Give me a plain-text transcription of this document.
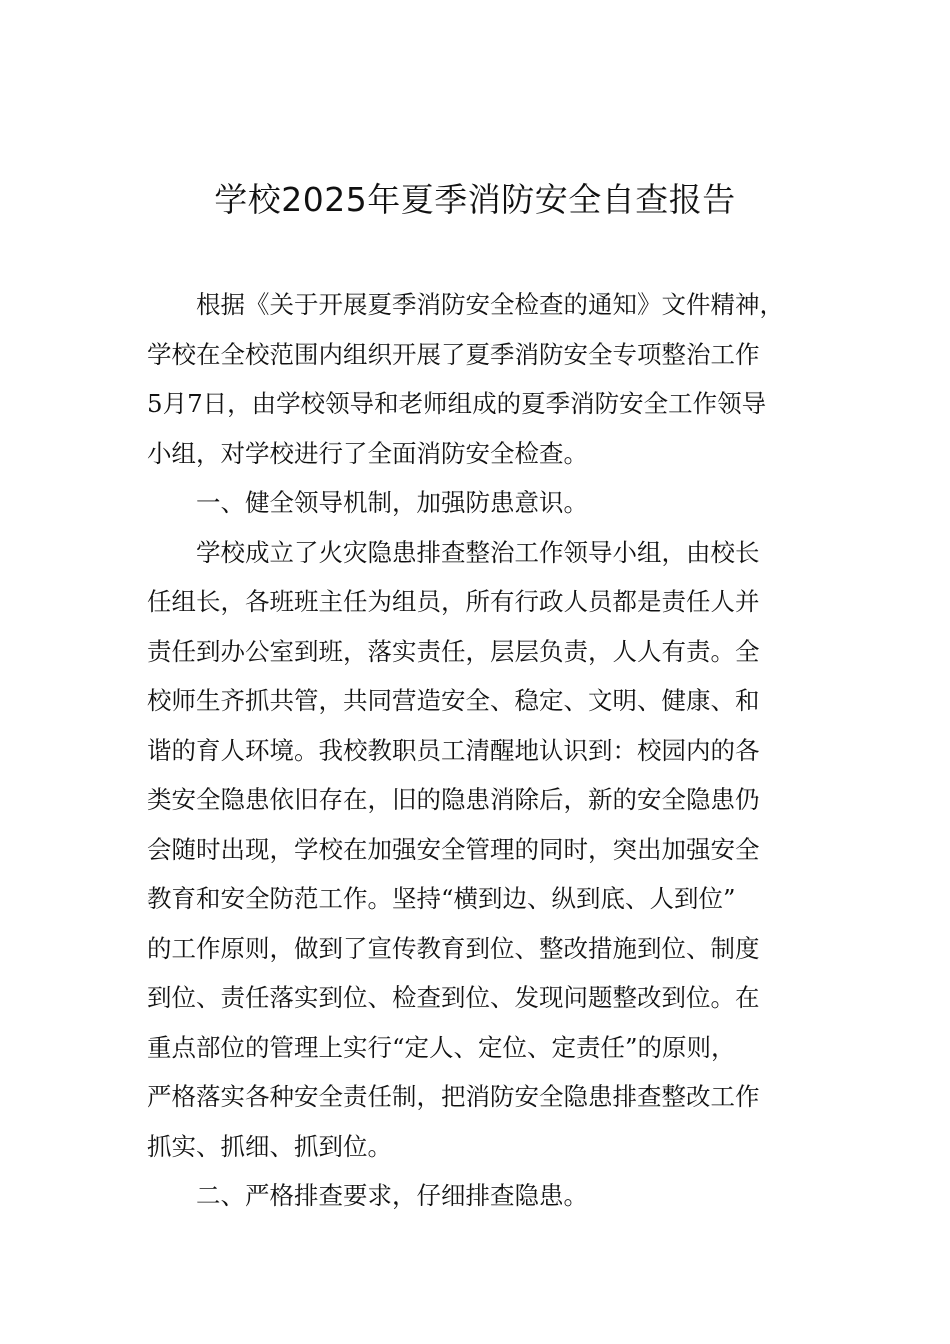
学校2025年夏季消防安全自查报告
根据《关于开展夏季消防安全检查的通知》文件精神，
学校在全校范围内组织开展了夏季消防安全专项整治工作
5月7日，由学校领导和老师组成的夏季消防安全工作领导
小组，对学校进行了全面消防安全检查。
一、健全领导机制，加强防患意识。
学校成立了火灾隐患排查整治工作领导小组，由校长
任组长，各班班主任为组员，所有行政人员都是责任人并
责任到办公室到班，落实责任，层层负责，人人有责。全
校师生齐抓共管，共同营造安全、稳定、文明、健康、和
谐的育人环境。我校教职员工清醒地认识到：校园内的各
类安全隐患依旧存在，旧的隐患消除后，新的安全隐患仍
会随时出现，学校在加强安全管理的同时，突出加强安全
教育和安全防范工作。坚持“横到边、纵到底、人到位”
的工作原则，做到了宣传教育到位、整改措施到位、制度
到位、责任落实到位、检查到位、发现问题整改到位。在
重点部位的管理上实行“定人、定位、定责任”的原则，
严格落实各种安全责任制，把消防安全隐患排查整改工作
抓实、抓细、抓到位。
二、严格排查要求，仔细排查隐患。
